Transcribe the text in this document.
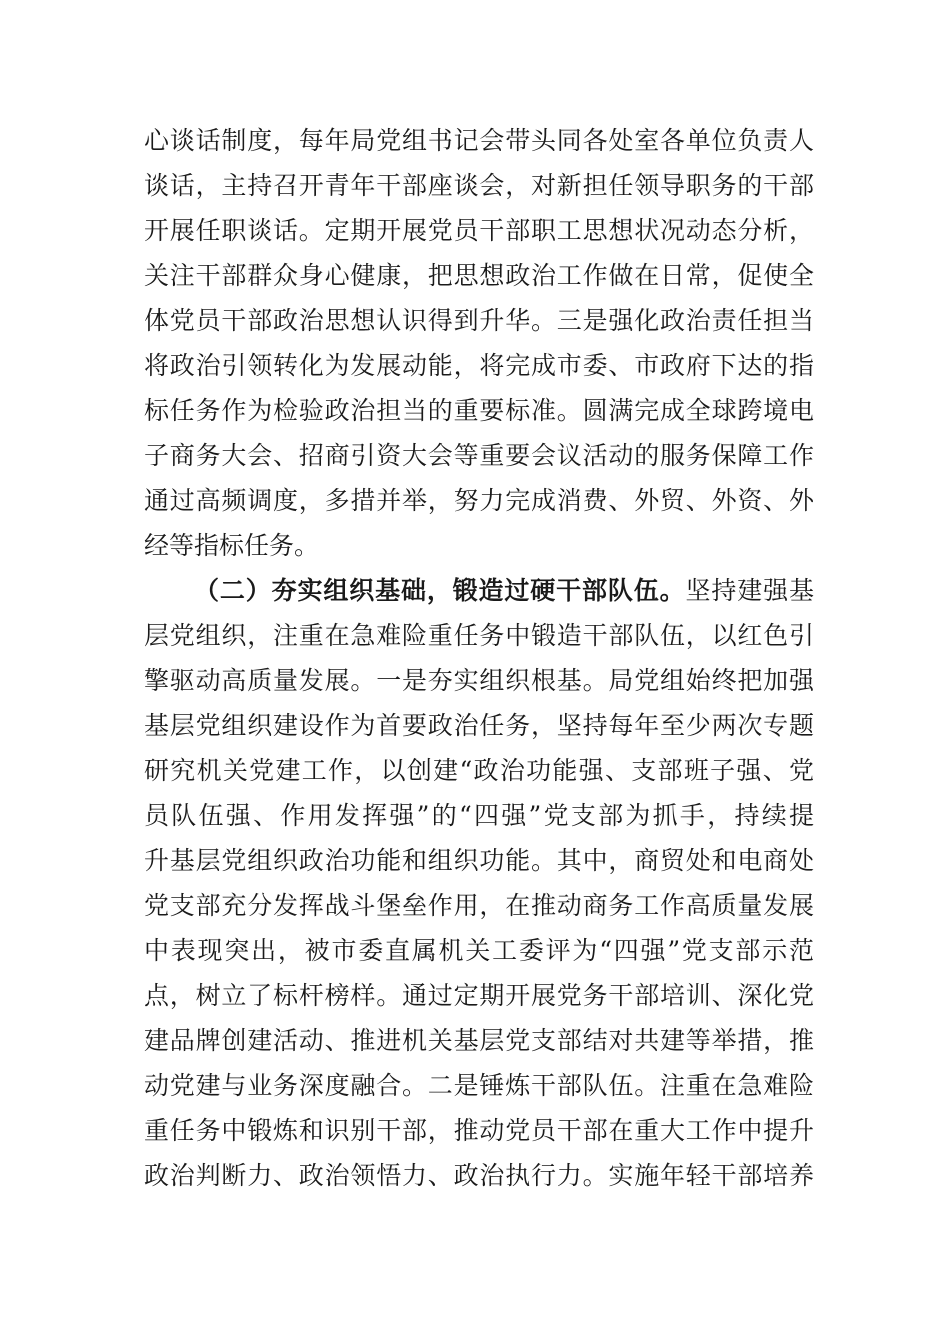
心谈话制度，每年局党组书记会带头同各处室各单位负责人
谈话，主持召开青年干部座谈会，对新担任领导职务的干部
开展任职谈话。定期开展党员干部职工思想状况动态分析，
关注干部群众身心健康，把思想政治工作做在日常，促使全
体党员干部政治思想认识得到升华。三是强化政治责任担当
将政治引领转化为发展动能，将完成市委、市政府下达的指
标任务作为检验政治担当的重要标准。圆满完成全球跨境电
子商务大会、招商引资大会等重要会议活动的服务保障工作
通过高频调度，多措并举，努力完成消费、外贸、外资、外
经等指标任务。
（二）夯实组织基础，锻造过硬干部队伍。坚持建强基
层党组织，注重在急难险重任务中锻造干部队伍，以红色引
擎驱动高质量发展。一是夯实组织根基。局党组始终把加强
基层党组织建设作为首要政治任务，坚持每年至少两次专题
研究机关党建工作，以创建“政治功能强、支部班子强、党
员队伍强、作用发挥强”的“四强”党支部为抓手，持续提
升基层党组织政治功能和组织功能。其中，商贸处和电商处
党支部充分发挥战斗堡垒作用，在推动商务工作高质量发展
中表现突出，被市委直属机关工委评为“四强”党支部示范
点，树立了标杆榜样。通过定期开展党务干部培训、深化党
建品牌创建活动、推进机关基层党支部结对共建等举措，推
动党建与业务深度融合。二是锤炼干部队伍。注重在急难险
重任务中锻炼和识别干部，推动党员干部在重大工作中提升
政治判断力、政治领悟力、政治执行力。实施年轻干部培养
